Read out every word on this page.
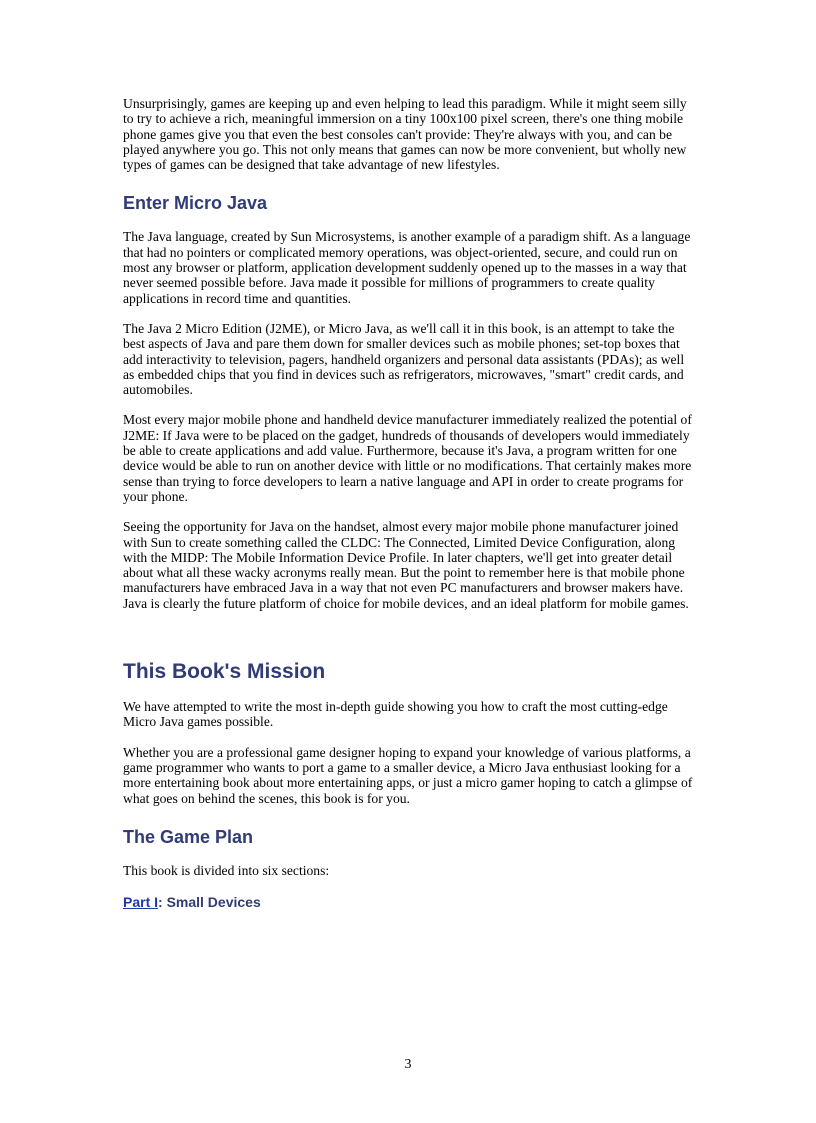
Unsurprisingly, games are keeping up and even helping to lead this paradigm. While it might seem silly to try to achieve a rich, meaningful immersion on a tiny 100x100 pixel screen, there's one thing mobile phone games give you that even the best consoles can't provide: They're always with you, and can be played anywhere you go. This not only means that games can now be more convenient, but wholly new types of games can be designed that take advantage of new lifestyles.

Enter Micro Java

The Java language, created by Sun Microsystems, is another example of a paradigm shift. As a language that had no pointers or complicated memory operations, was object-oriented, secure, and could run on most any browser or platform, application development suddenly opened up to the masses in a way that never seemed possible before. Java made it possible for millions of programmers to create quality applications in record time and quantities.

The Java 2 Micro Edition (J2ME), or Micro Java, as we'll call it in this book, is an attempt to take the best aspects of Java and pare them down for smaller devices such as mobile phones; set-top boxes that add interactivity to television, pagers, handheld organizers and personal data assistants (PDAs); as well as embedded chips that you find in devices such as refrigerators, microwaves, "smart" credit cards, and automobiles.

Most every major mobile phone and handheld device manufacturer immediately realized the potential of J2ME: If Java were to be placed on the gadget, hundreds of thousands of developers would immediately be able to create applications and add value. Furthermore, because it's Java, a program written for one device would be able to run on another device with little or no modifications. That certainly makes more sense than trying to force developers to learn a native language and API in order to create programs for your phone.

Seeing the opportunity for Java on the handset, almost every major mobile phone manufacturer joined with Sun to create something called the CLDC: The Connected, Limited Device Configuration, along with the MIDP: The Mobile Information Device Profile. In later chapters, we'll get into greater detail about what all these wacky acronyms really mean. But the point to remember here is that mobile phone manufacturers have embraced Java in a way that not even PC manufacturers and browser makers have. Java is clearly the future platform of choice for mobile devices, and an ideal platform for mobile games.

This Book's Mission

We have attempted to write the most in-depth guide showing you how to craft the most cutting-edge Micro Java games possible.

Whether you are a professional game designer hoping to expand your knowledge of various platforms, a game programmer who wants to port a game to a smaller device, a Micro Java enthusiast looking for a more entertaining book about more entertaining apps, or just a micro gamer hoping to catch a glimpse of what goes on behind the scenes, this book is for you.

The Game Plan

This book is divided into six sections:

Part I: Small Devices
3
